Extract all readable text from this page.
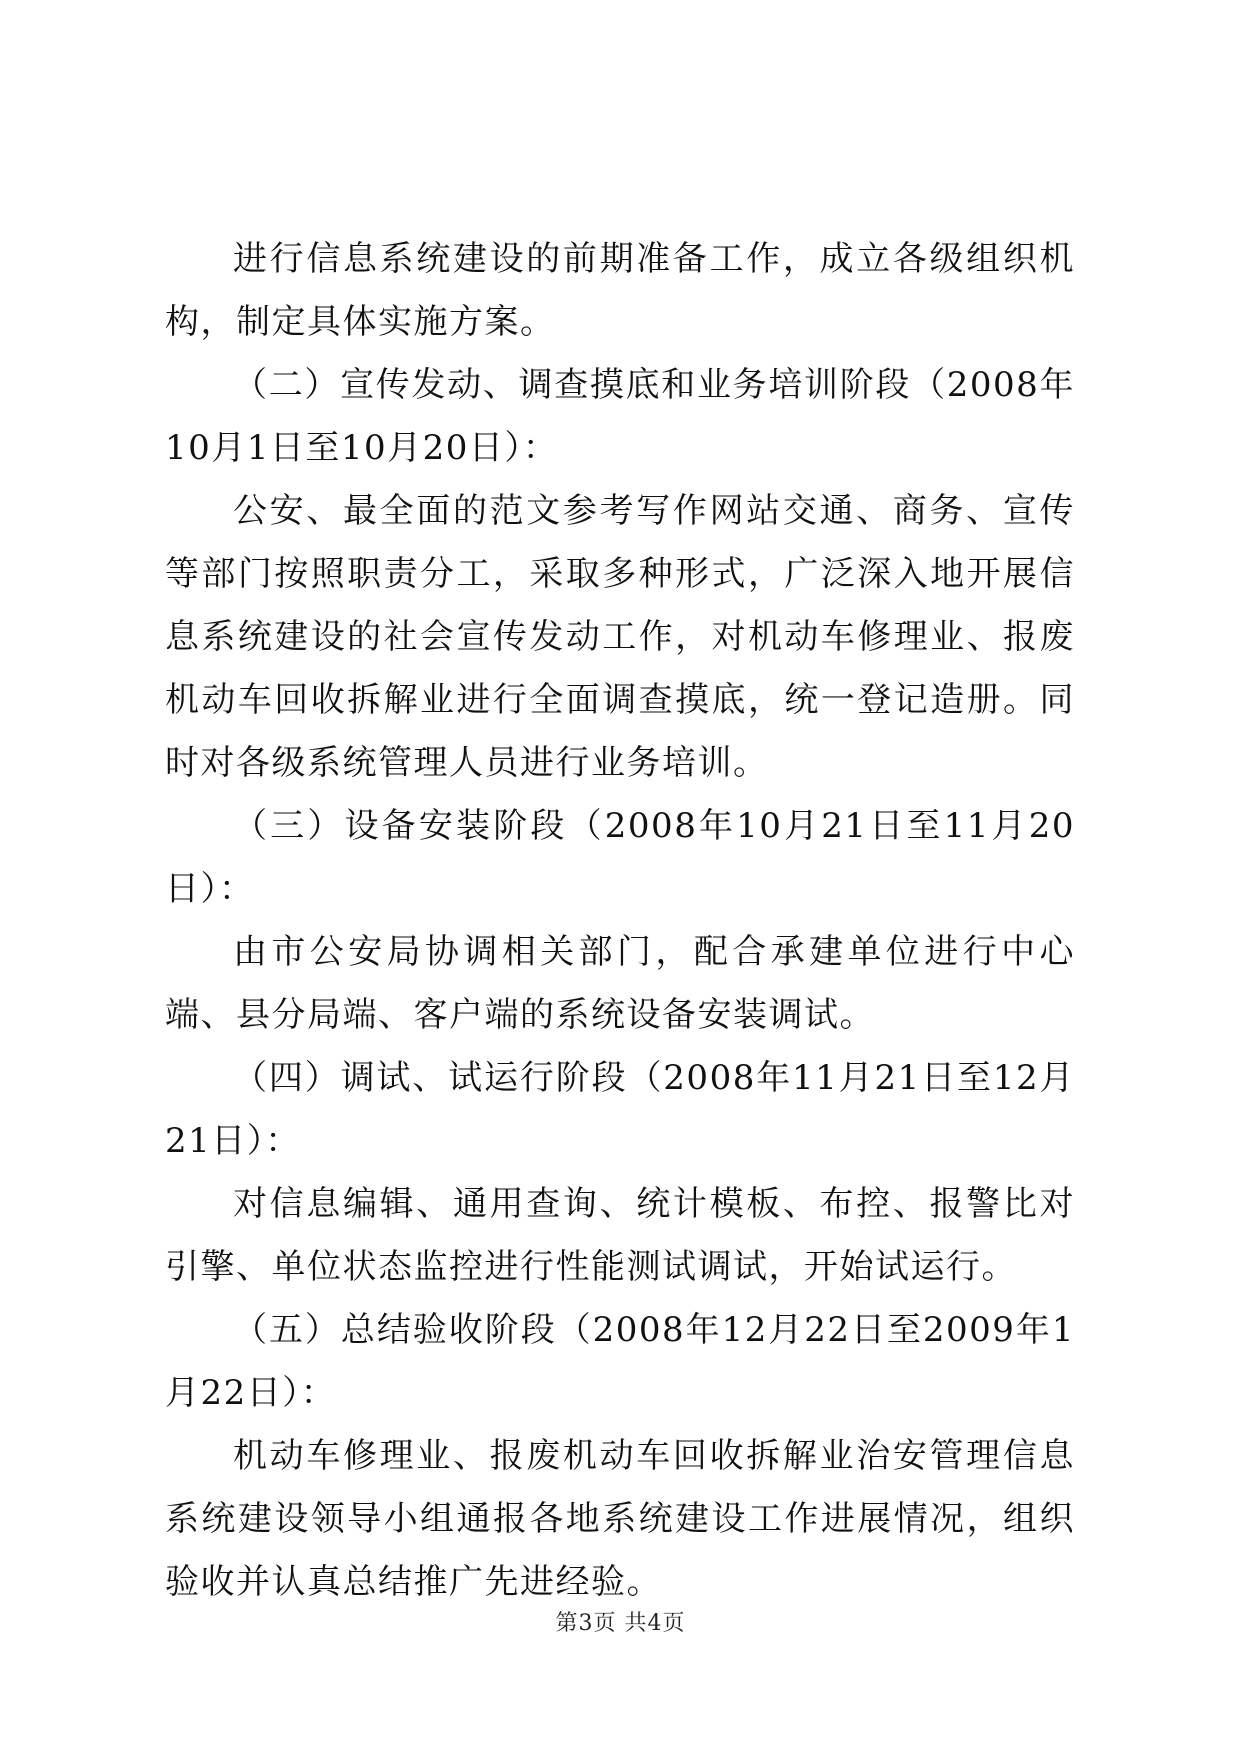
进行信息系统建设的前期准备工作，成立各级组织机构，制定具体实施方案。

（二）宣传发动、调查摸底和业务培训阶段（2008年10月1日至10月20日）：

公安、最全面的范文参考写作网站交通、商务、宣传等部门按照职责分工，采取多种形式，广泛深入地开展信息系统建设的社会宣传发动工作，对机动车修理业、报废机动车回收拆解业进行全面调查摸底，统一登记造册。同时对各级系统管理人员进行业务培训。

（三）设备安装阶段（2008年10月21日至11月20日）：

由市公安局协调相关部门，配合承建单位进行中心端、县分局端、客户端的系统设备安装调试。

（四）调试、试运行阶段（2008年11月21日至12月21日）：

对信息编辑、通用查询、统计模板、布控、报警比对引擎、单位状态监控进行性能测试调试，开始试运行。

（五）总结验收阶段（2008年12月22日至2009年1月22日）：

机动车修理业、报废机动车回收拆解业治安管理信息系统建设领导小组通报各地系统建设工作进展情况，组织验收并认真总结推广先进经验。

第3页 共4页
